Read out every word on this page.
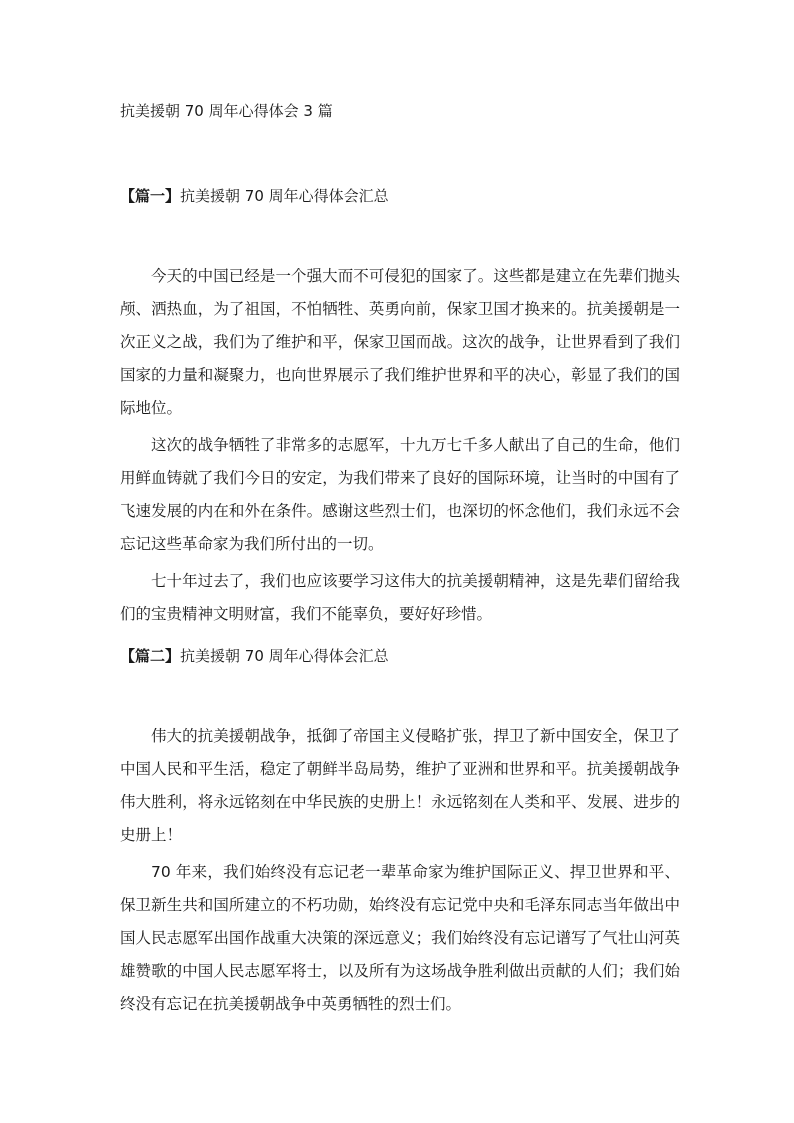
抗美援朝 70 周年心得体会 3 篇
【篇一】抗美援朝 70 周年心得体会汇总

今天的中国已经是一个强大而不可侵犯的国家了。这些都是建立在先辈们抛头颅、洒热血，为了祖国，不怕牺牲、英勇向前，保家卫国才换来的。抗美援朝是一次正义之战，我们为了维护和平，保家卫国而战。这次的战争，让世界看到了我们国家的力量和凝聚力，也向世界展示了我们维护世界和平的决心，彰显了我们的国际地位。

这次的战争牺牲了非常多的志愿军，十九万七千多人献出了自己的生命，他们用鲜血铸就了我们今日的安定，为我们带来了良好的国际环境，让当时的中国有了飞速发展的内在和外在条件。感谢这些烈士们，也深切的怀念他们，我们永远不会忘记这些革命家为我们所付出的一切。

七十年过去了，我们也应该要学习这伟大的抗美援朝精神，这是先辈们留给我们的宝贵精神文明财富，我们不能辜负，要好好珍惜。

【篇二】抗美援朝 70 周年心得体会汇总

伟大的抗美援朝战争，抵御了帝国主义侵略扩张，捍卫了新中国安全，保卫了中国人民和平生活，稳定了朝鲜半岛局势，维护了亚洲和世界和平。抗美援朝战争伟大胜利，将永远铭刻在中华民族的史册上！永远铭刻在人类和平、发展、进步的史册上！

70 年来，我们始终没有忘记老一辈革命家为维护国际正义、捍卫世界和平、保卫新生共和国所建立的不朽功勋，始终没有忘记党中央和毛泽东同志当年做出中国人民志愿军出国作战重大决策的深远意义；我们始终没有忘记谱写了气壮山河英雄赞歌的中国人民志愿军将士，以及所有为这场战争胜利做出贡献的人们；我们始终没有忘记在抗美援朝战争中英勇牺牲的烈士们。
